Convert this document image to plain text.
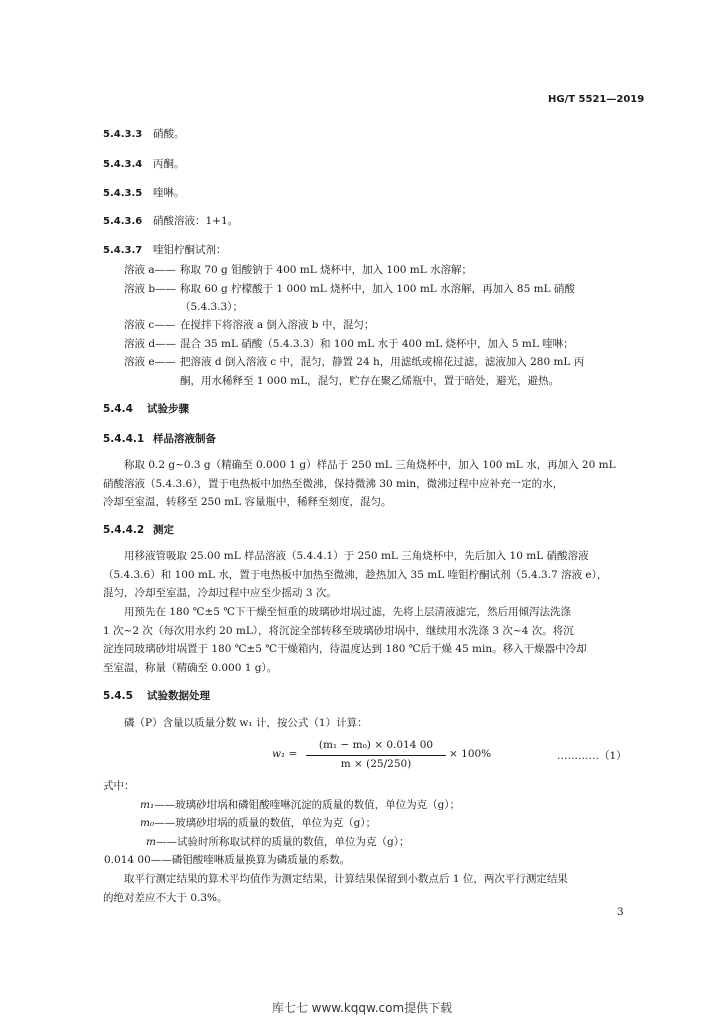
HG/T 5521—2019
5.4.3.3 硝酸。
5.4.3.4 丙酮。
5.4.3.5 喹啉。
5.4.3.6 硝酸溶液：1+1。
5.4.3.7 喹钼柠酮试剂：
溶液 a—— 称取 70 g 钼酸钠于 400 mL 烧杯中，加入 100 mL 水溶解；
溶液 b—— 称取 60 g 柠檬酸于 1 000 mL 烧杯中，加入 100 mL 水溶解，再加入 85 mL 硝酸
（5.4.3.3）；
溶液 c—— 在搅拌下将溶液 a 倒入溶液 b 中，混匀；
溶液 d—— 混合 35 mL 硝酸（5.4.3.3）和 100 mL 水于 400 mL 烧杯中，加入 5 mL 喹啉；
溶液 e—— 把溶液 d 倒入溶液 c 中，混匀，静置 24 h，用滤纸或棉花过滤，滤液加入 280 mL 丙
酮，用水稀释至 1 000 mL，混匀，贮存在聚乙烯瓶中，置于暗处，避光，避热。
5.4.4 试验步骤
5.4.4.1 样品溶液制备
称取 0.2 g~0.3 g（精确至 0.000 1 g）样品于 250 mL 三角烧杯中，加入 100 mL 水，再加入 20 mL
硝酸溶液（5.4.3.6），置于电热板中加热至微沸，保持微沸 30 min，微沸过程中应补充一定的水，
冷却至室温，转移至 250 mL 容量瓶中，稀释至刻度，混匀。
5.4.4.2 测定
用移液管吸取 25.00 mL 样品溶液（5.4.4.1）于 250 mL 三角烧杯中，先后加入 10 mL 硝酸溶液
（5.4.3.6）和 100 mL 水，置于电热板中加热至微沸，趁热加入 35 mL 喹钼柠酮试剂（5.4.3.7 溶液 e），
混匀，冷却至室温，冷却过程中应至少摇动 3 次。
用预先在 180 ℃±5 ℃下干燥至恒重的玻璃砂坩埚过滤，先将上层清液滤完，然后用倾泻法洗涤
1 次~2 次（每次用水约 20 mL），将沉淀全部转移至玻璃砂坩埚中，继续用水洗涤 3 次~4 次。将沉
淀连同玻璃砂坩埚置于 180 ℃±5 ℃干燥箱内，待温度达到 180 ℃后干燥 45 min。移入干燥器中冷却
至室温，称量（精确至 0.000 1 g）。
5.4.5 试验数据处理
磷（P）含量以质量分数 w₁ 计，按公式（1）计算：
w₁ =
(m₁ − m₀) × 0.014 00
m × (25/250)
× 100%	…………（1）
式中：
m₁——玻璃砂坩埚和磷钼酸喹啉沉淀的质量的数值，单位为克（g）；
m₀——玻璃砂坩埚的质量的数值，单位为克（g）；
m——试验时所称取试样的质量的数值，单位为克（g）；
0.014 00——磷钼酸喹啉质量换算为磷质量的系数。
取平行测定结果的算术平均值作为测定结果，计算结果保留到小数点后 1 位，两次平行测定结果
的绝对差应不大于 0.3%。
3
库七七 www.kqqw.com提供下载
